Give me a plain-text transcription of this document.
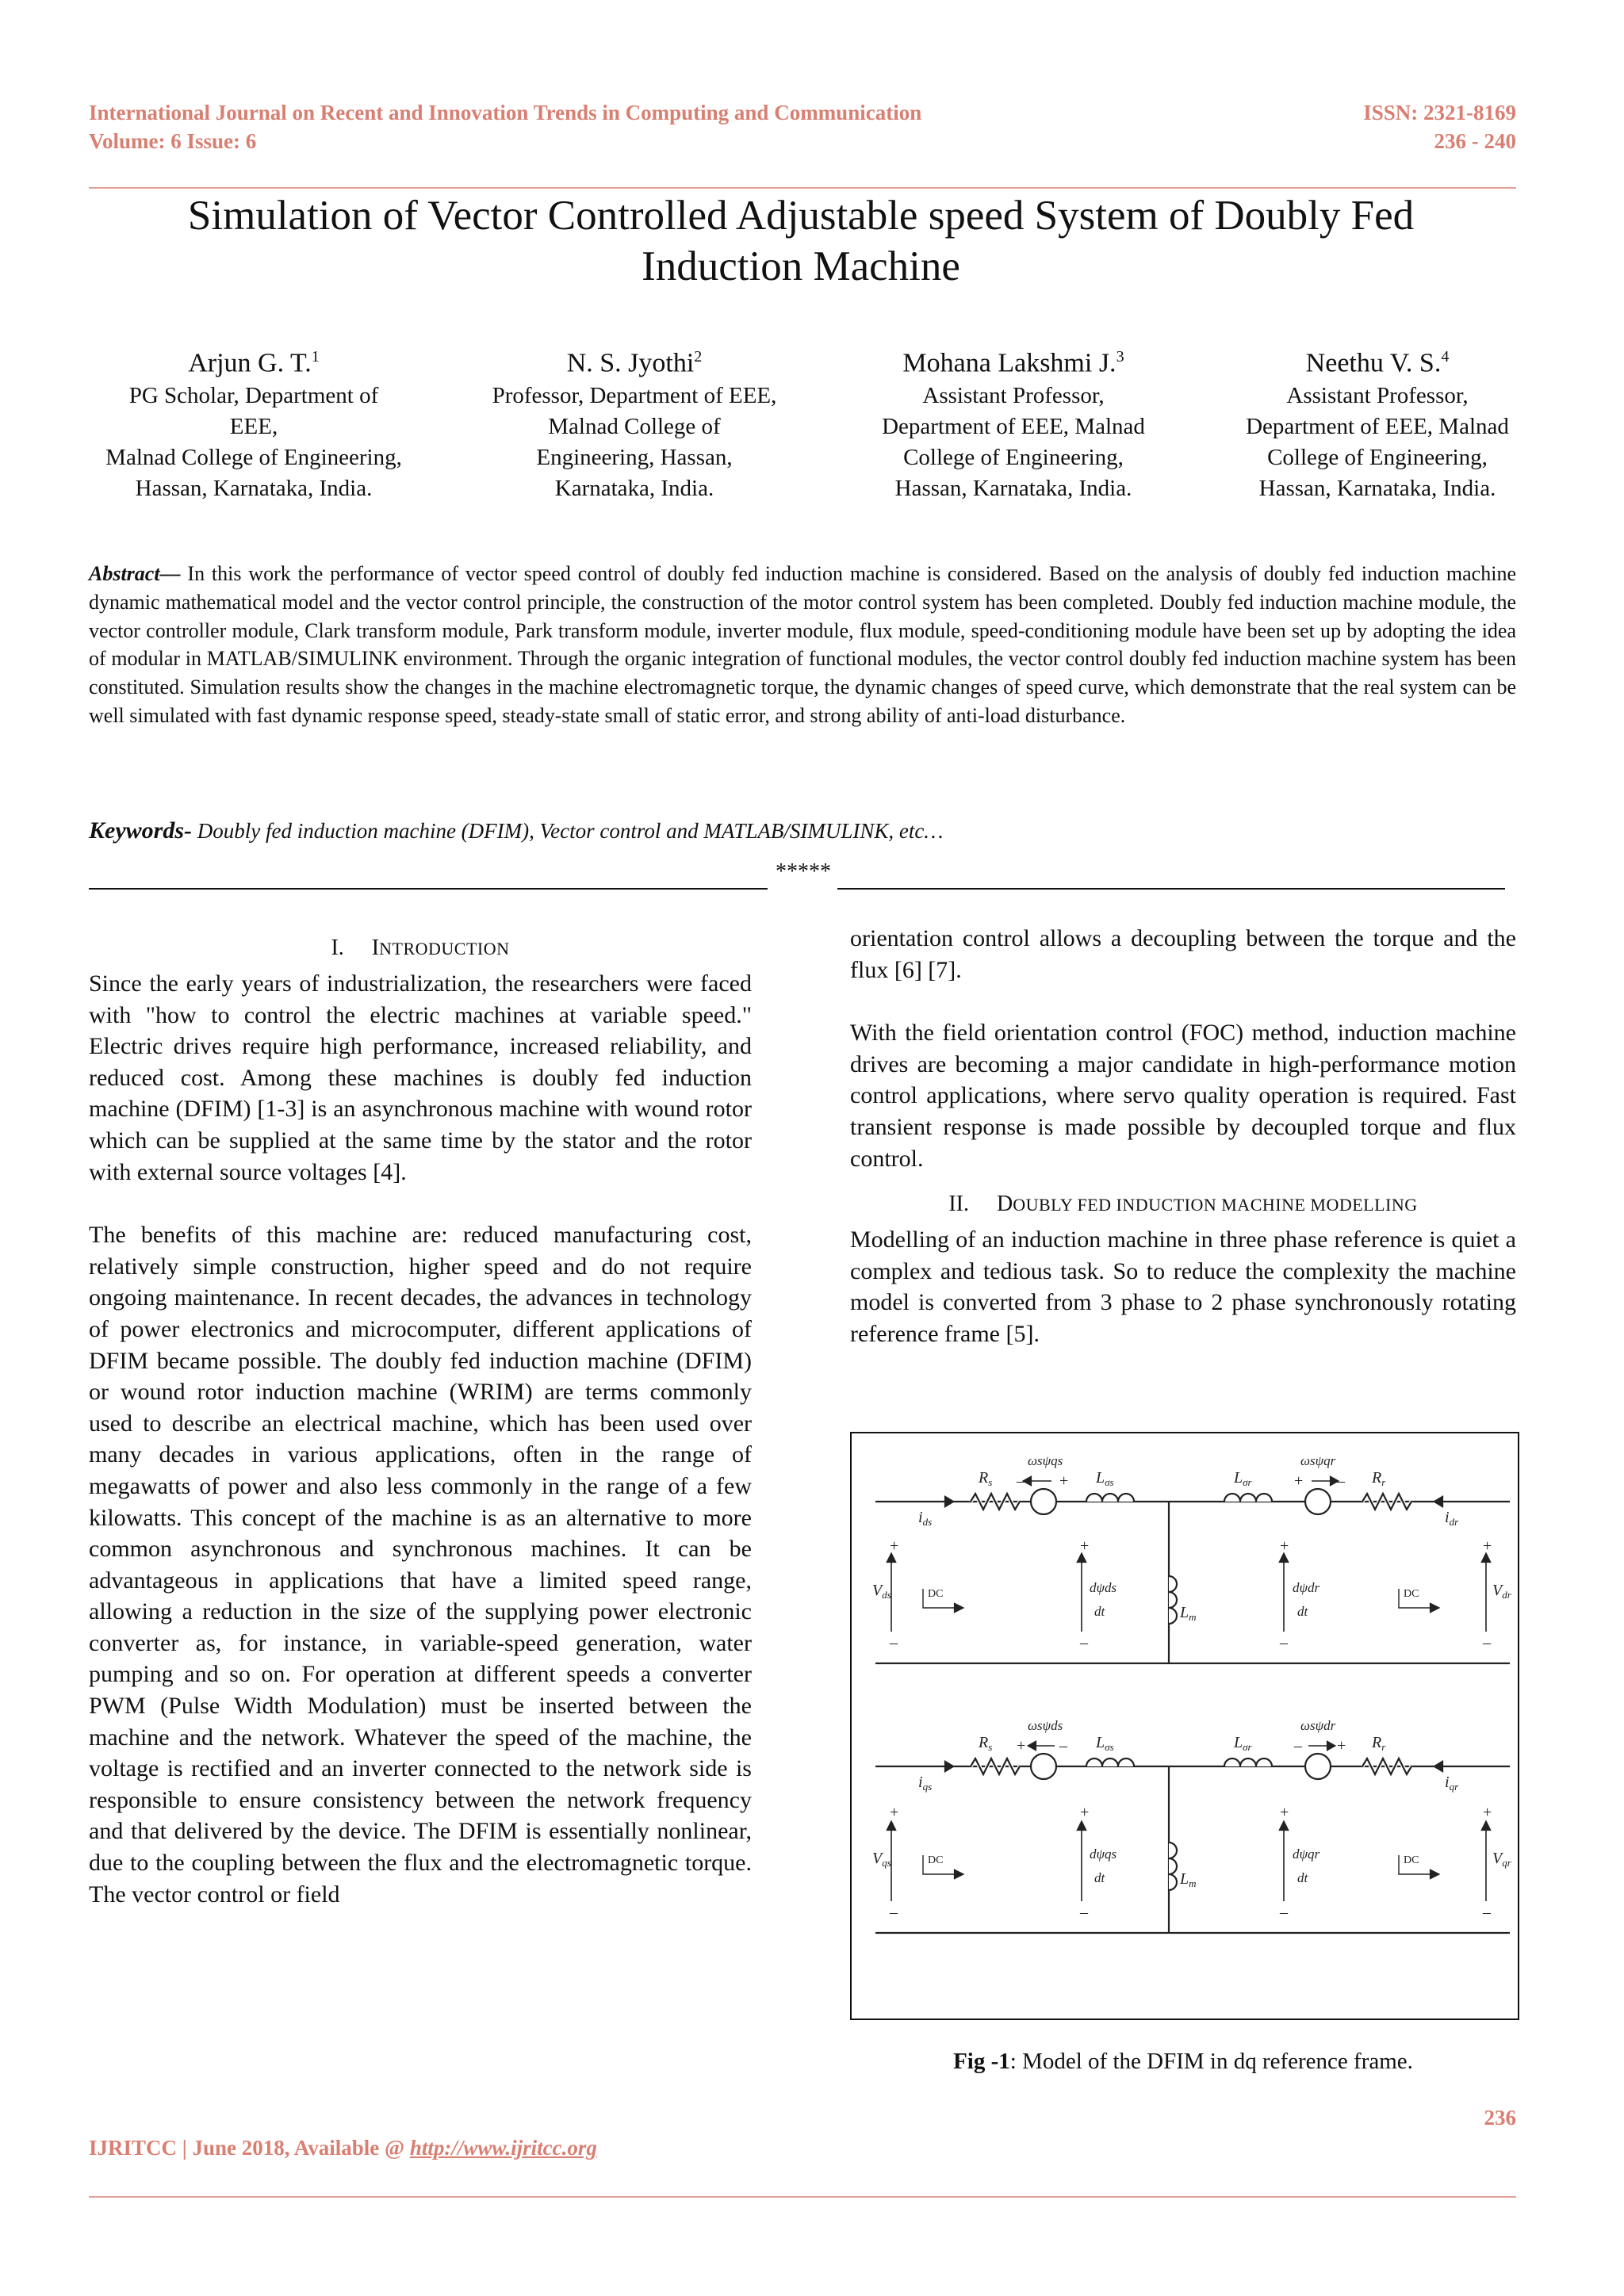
International Journal on Recent and Innovation Trends in Computing and Communication
Volume: 6 Issue: 6
ISSN: 2321-8169
236 - 240
Simulation of Vector Controlled Adjustable speed System of Doubly Fed Induction Machine
Arjun G. T.$^1$
PG Scholar, Department of
EEE,
Malnad College of Engineering,
Hassan, Karnataka, India.
N. S. Jyothi$^2$
Professor, Department of EEE,
Malnad College of
Engineering, Hassan,
Karnataka, India.
Mohana Lakshmi J.$^3$
Assistant Professor,
Department of EEE, Malnad
College of Engineering,
Hassan, Karnataka, India.
Neethu V. S.$^4$
Assistant Professor,
Department of EEE, Malnad
College of Engineering,
Hassan, Karnataka, India.
Abstract— In this work the performance of vector speed control of doubly fed induction machine is considered. Based on the analysis of doubly fed induction machine dynamic mathematical model and the vector control principle, the construction of the motor control system has been completed. Doubly fed induction machine module, the vector controller module, Clark transform module, Park transform module, inverter module, flux module, speed-conditioning module have been set up by adopting the idea of modular in MATLAB/SIMULINK environment. Through the organic integration of functional modules, the vector control doubly fed induction machine system has been constituted. Simulation results show the changes in the machine electromagnetic torque, the dynamic changes of speed curve, which demonstrate that the real system can be well simulated with fast dynamic response speed, steady-state small of static error, and strong ability of anti-load disturbance.
Keywords- Doubly fed induction machine (DFIM), Vector control and MATLAB/SIMULINK, etc…
*****
I. INTRODUCTION

Since the early years of industrialization, the researchers were faced with "how to control the electric machines at variable speed." Electric drives require high performance, increased reliability, and reduced cost. Among these machines is doubly fed induction machine (DFIM) [1-3] is an asynchronous machine with wound rotor which can be supplied at the same time by the stator and the rotor with external source voltages [4].

The benefits of this machine are: reduced manufacturing cost, relatively simple construction, higher speed and do not require ongoing maintenance. In recent decades, the advances in technology of power electronics and microcomputer, different applications of DFIM became possible. The doubly fed induction machine (DFIM) or wound rotor induction machine (WRIM) are terms commonly used to describe an electrical machine, which has been used over many decades in various applications, often in the range of megawatts of power and also less commonly in the range of a few kilowatts. This concept of the machine is as an alternative to more common asynchronous and synchronous machines. It can be advantageous in applications that have a limited speed range, allowing a reduction in the size of the supplying power electronic converter as, for instance, in variable-speed generation, water pumping and so on. For operation at different speeds a converter PWM (Pulse Width Modulation) must be inserted between the machine and the network. Whatever the speed of the machine, the voltage is rectified and an inverter connected to the network side is responsible to ensure consistency between the network frequency and that delivered by the device. The DFIM is essentially nonlinear, due to the coupling between the flux and the electromagnetic torque. The vector control or field

orientation control allows a decoupling between the torque and the flux [6] [7].

With the field orientation control (FOC) method, induction machine drives are becoming a major candidate in high-performance motion control applications, where servo quality operation is required. Fast transient response is made possible by decoupled torque and flux control.

II. DOUBLY FED INDUCTION MACHINE MODELLING

Modelling of an induction machine in three phase reference is quiet a complex and tedious task. So to reduce the complexity the machine model is converted from 3 phase to 2 phase synchronously rotating reference frame [5].

$i_{ds}$
$R_s$
ωsψqs
– + $L_{\sigma s}$	$L_{\sigma r}$
ωsψqr
+ – $R_r$
$i_{dr}$
$V_{ds}$	$V_{dr}$
$L_m$
DC	DC
dψds
dt
dψdr
dt
+	+	+	+
–	–	–	–
$i_{qs}$
$R_s$
ωsψds
+ – $L_{\sigma s}$	$L_{\sigma r}$
ωsψdr
– + $R_r$
$i_{qr}$
$V_{qs}$	$V_{qr}$
$L_m$
DC	DC
dψqs
dt
dψqr
dt
+	+	+	+
–	–	–	–
Fig -1: Model of the DFIM in dq reference frame.
236
IJRITCC | June 2018, Available @ http://www.ijritcc.org
